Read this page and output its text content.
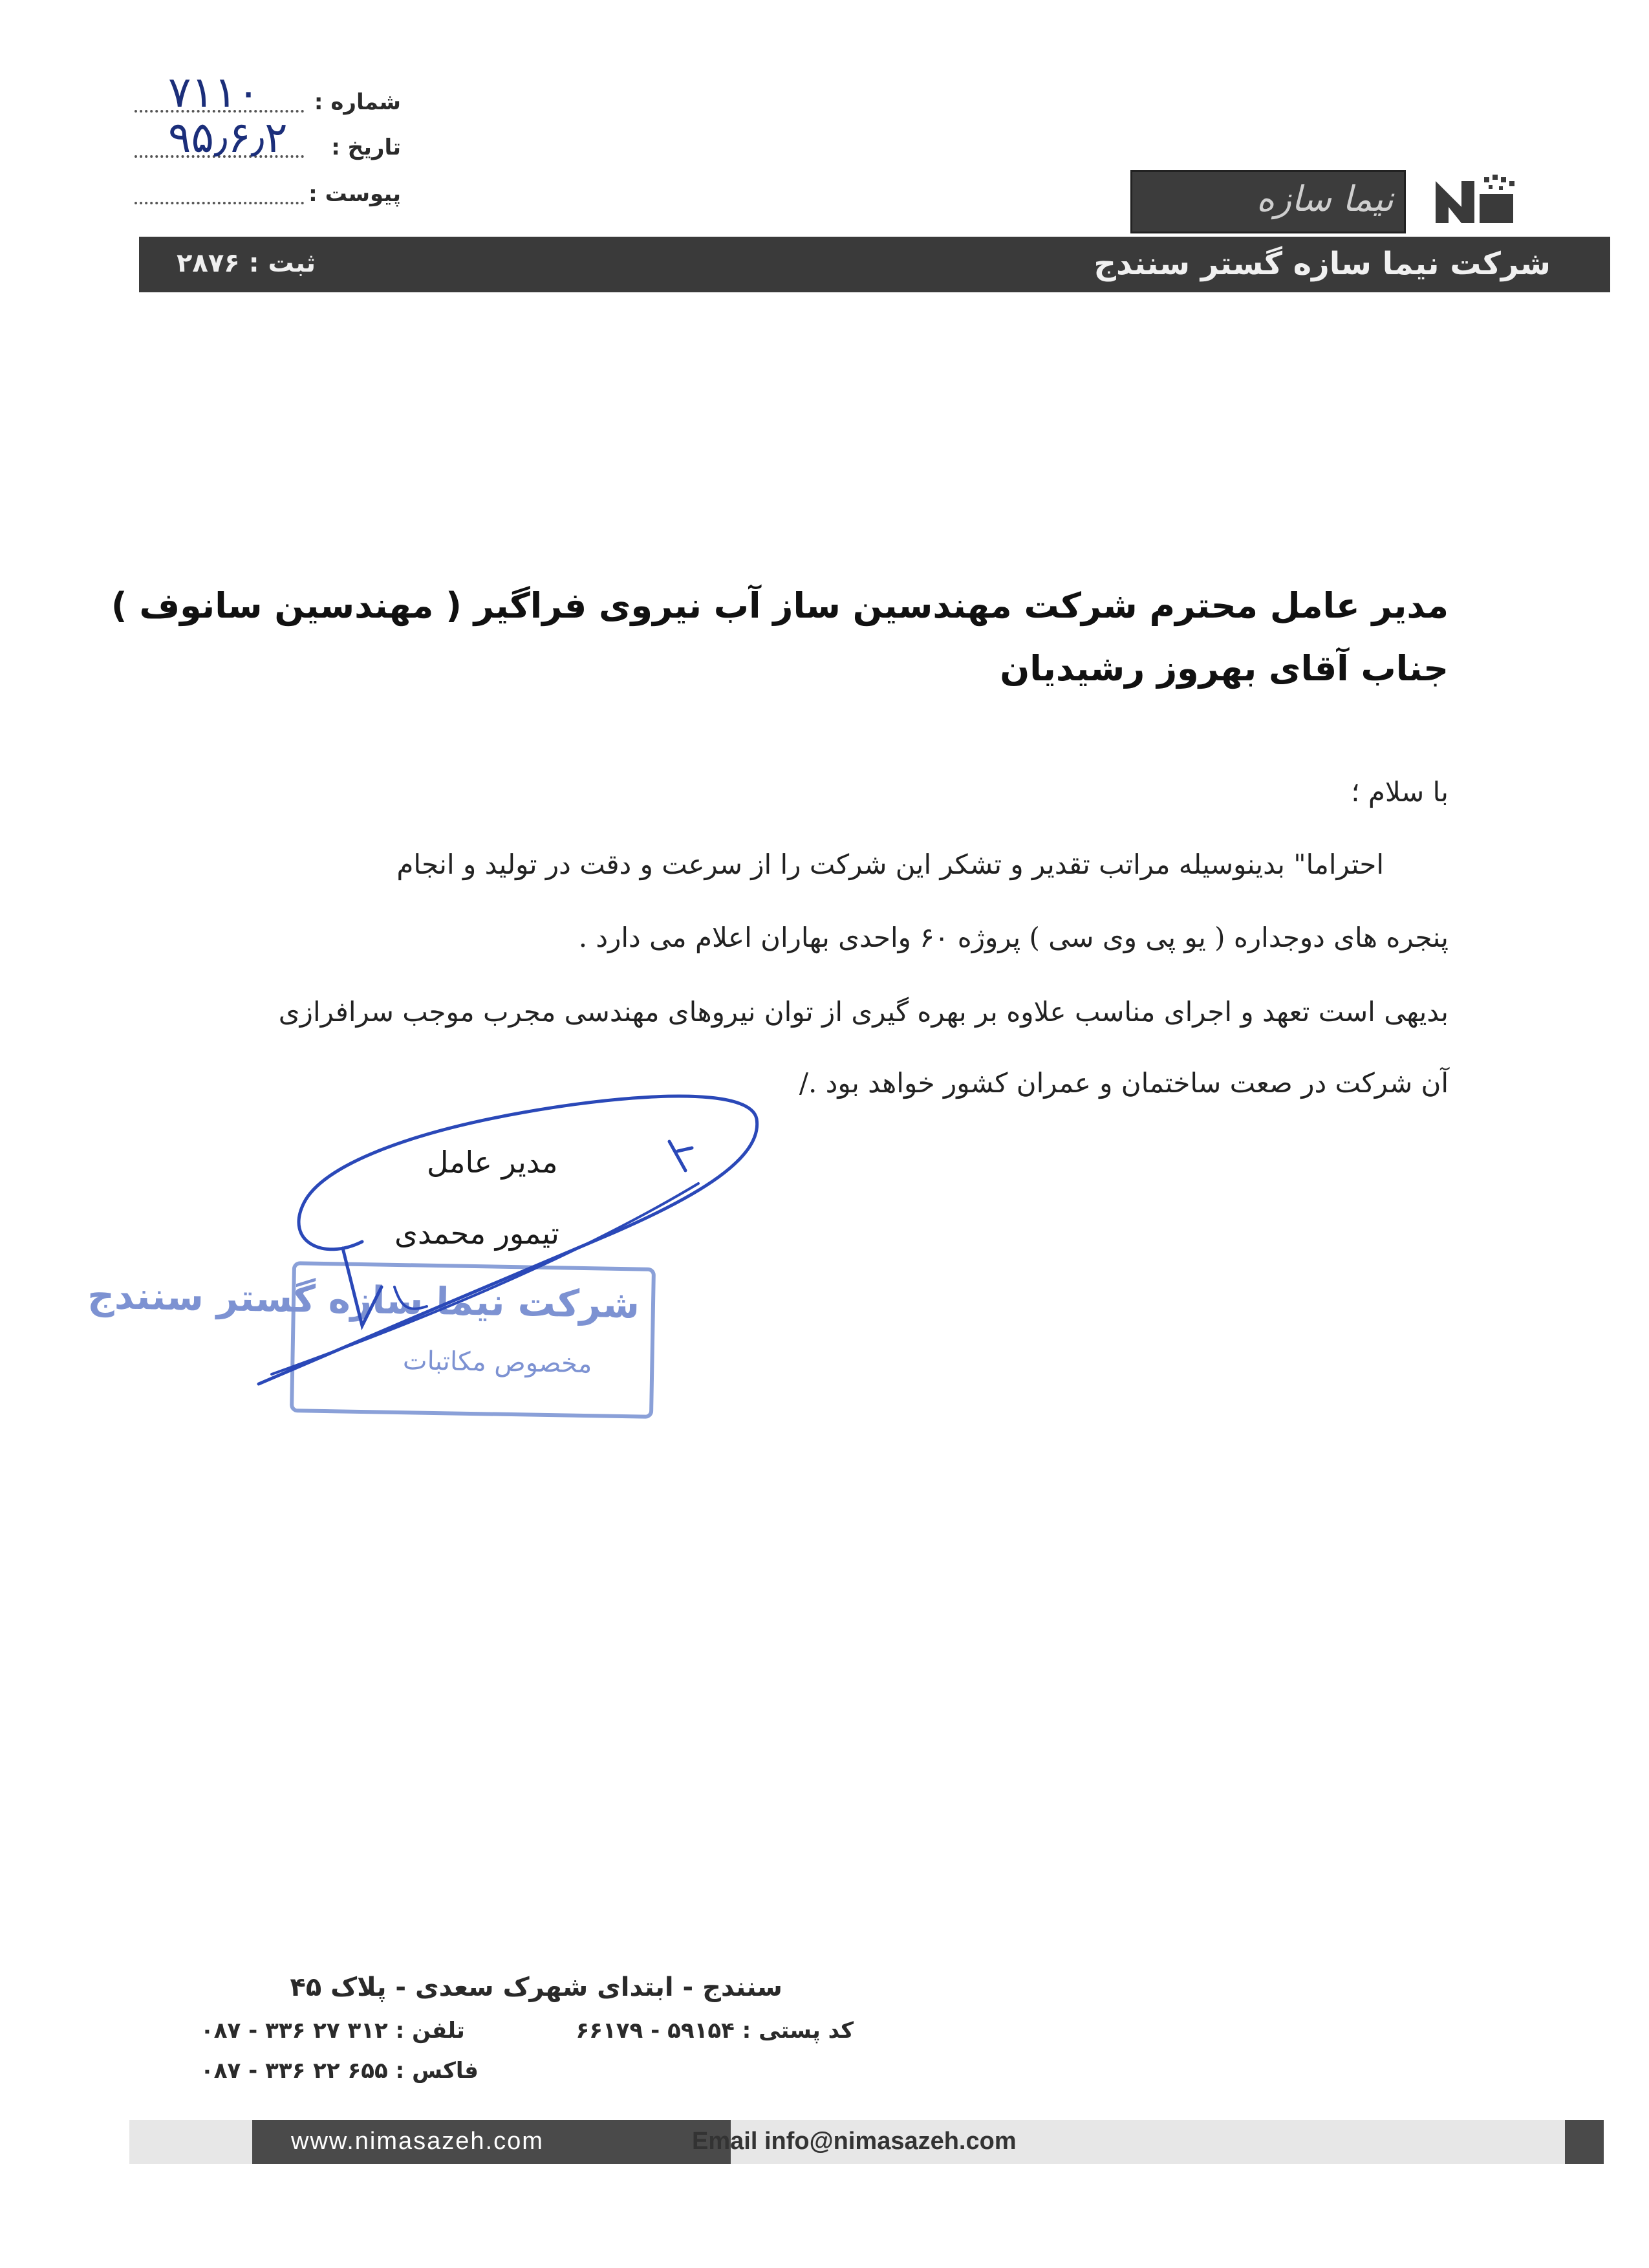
شماره :
۷۱۱۰
تاریخ :
۹۵٫۶٫۲
پیوست :	نیما سازه
شرکت نیما سازه گستر سنندج
ثبت : ۲۸۷۶
مدیر عامل محترم شرکت مهندسین ساز آب نیروی فراگیر ( مهندسین سانوف )
جناب آقای بهروز رشیدیان
با سلام ؛
احتراما" بدینوسیله مراتب تقدیر و تشکر این شرکت را از سرعت و دقت در تولید و انجام
پنجره های دوجداره ( یو پی وی سی ) پروژه ۶۰ واحدی بهاران اعلام می دارد .
بدیهی است تعهد و اجرای مناسب علاوه بر بهره گیری از توان نیروهای مهندسی مجرب موجب سرافرازی
آن شرکت در صعت ساختمان و عمران کشور خواهد بود ./
شرکت نیما سازه گستر سنندج
مخصوص مکاتبات
مدیر عامل
تیمور محمدی
سنندج - ابتدای شهرک سعدی - پلاک ۴۵
کد پستی : ۵۹۱۵۴ - ۶۶۱۷۹
تلفن : ۳۱۲ ۲۷ ۳۳۶ - ۰۸۷
فاکس : ۶۵۵ ۲۲ ۳۳۶ - ۰۸۷
www.nimasazeh.com	Email info@nimasazeh.com
